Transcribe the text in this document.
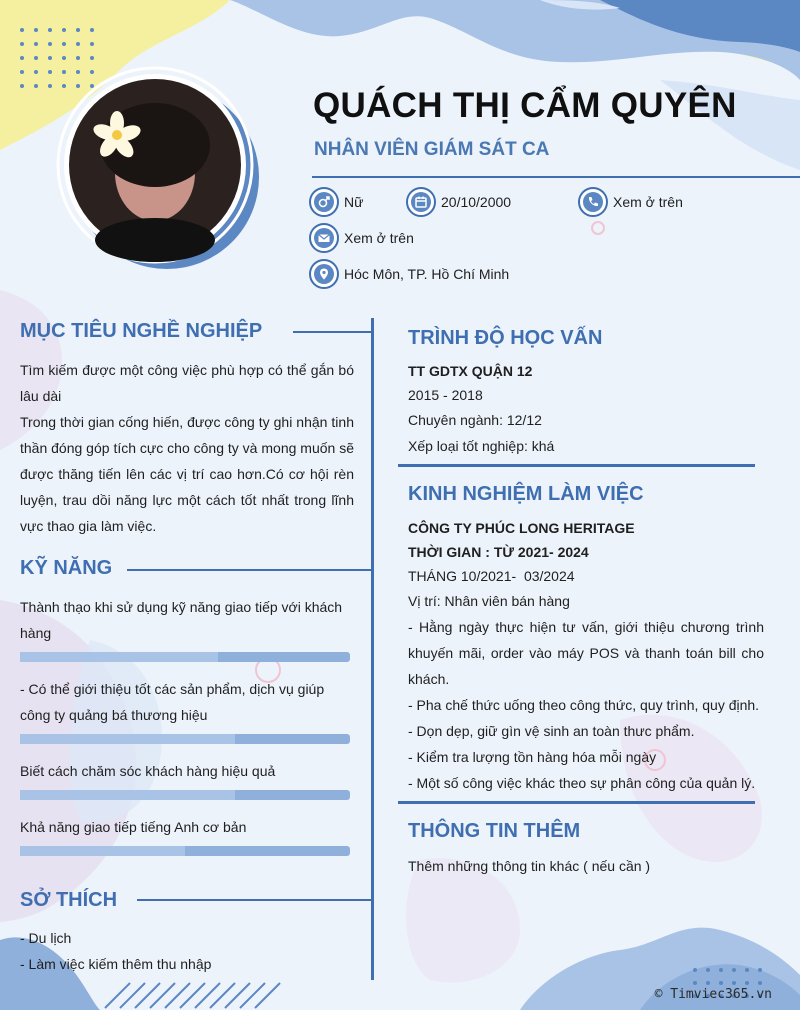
QUÁCH THỊ CẨM QUYÊN
NHÂN VIÊN GIÁM SÁT CA
Nữ	20/10/2000	Xem ở trên
Xem ở trên
Hóc Môn, TP. Hồ Chí Minh
MỤC TIÊU NGHỀ NGHIỆP
Tìm kiếm được một công việc phù hợp có thể gắn bó lâu dài
Trong thời gian cống hiến, được công ty ghi nhận tinh thần đóng góp tích cực cho công ty và mong muốn sẽ được thăng tiến lên các vị trí cao hơn.Có cơ hội rèn luyện, trau dồi năng lực một cách tốt nhất trong lĩnh vực thao gia làm việc.
KỸ NĂNG
Thành thạo khi sử dụng kỹ năng giao tiếp với khách hàng
- Có thể giới thiệu tốt các sản phẩm, dịch vụ giúp công ty quảng bá thương hiệu
Biết cách chăm sóc khách hàng hiệu quả
Khả năng giao tiếp tiếng Anh cơ bản
SỞ THÍCH
- Du lịch
- Làm việc kiếm thêm thu nhập
TRÌNH ĐỘ HỌC VẤN
TT GDTX QUẬN 12
2015 - 2018
Chuyên ngành: 12/12
Xếp loại tốt nghiệp: khá
KINH NGHIỆM LÀM VIỆC
CÔNG TY PHÚC LONG HERITAGE
THỜI GIAN : TỪ 2021- 2024
THÁNG 10/2021-  03/2024
Vị trí: Nhân viên bán hàng
- Hằng ngày thực hiện tư vấn, giới thiệu chương trình khuyến mãi, order vào máy POS và thanh toán bill cho khách.
- Pha chế thức uống theo công thức, quy trình, quy định.
- Dọn dẹp, giữ gìn vệ sinh an toàn thưc phẩm.
- Kiểm tra lượng tồn hàng hóa mỗi ngày
- Một số công việc khác theo sự phân công của quản lý.
THÔNG TIN THÊM
Thêm những thông tin khác ( nếu cần )
© Timviec365.vn
